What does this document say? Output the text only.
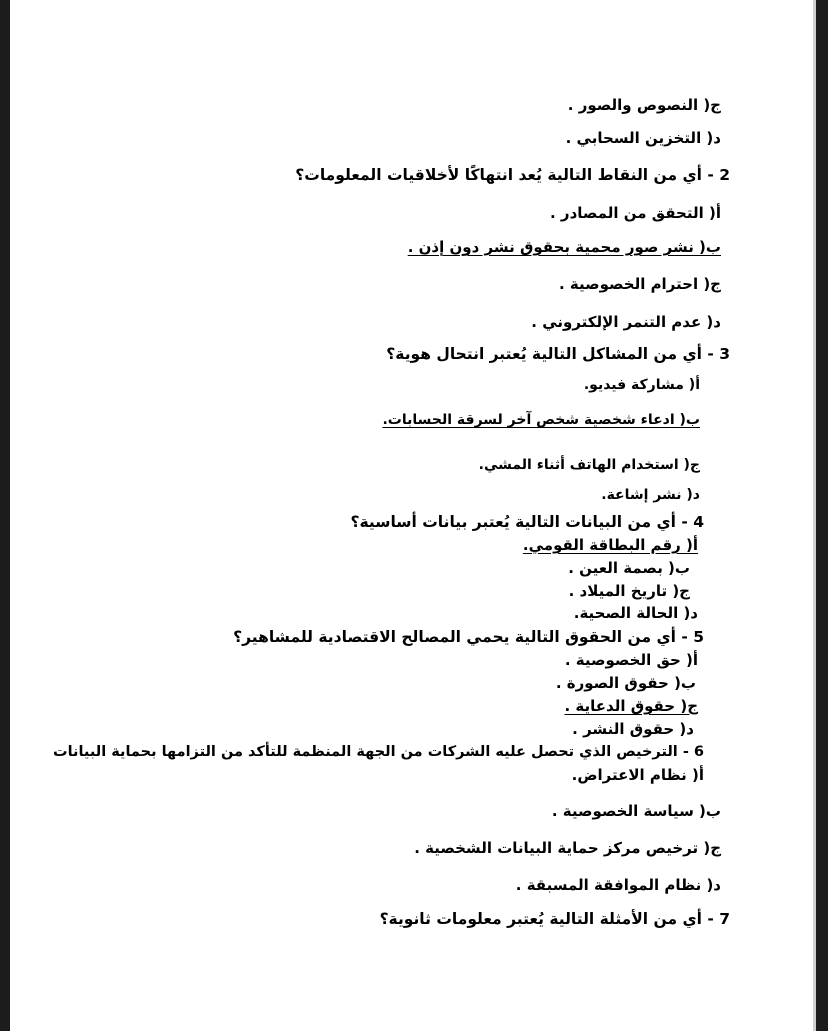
ج( النصوص والصور .
د( التخزين السحابي .
2 - أي من النقاط التالية يُعد انتهاكًا لأخلاقيات المعلومات؟
أ( التحقق من المصادر .
ب( نشر صور محمية بحقوق نشر دون إذن .
ج( احترام الخصوصية .
د( عدم التنمر الإلكتروني .
3 - أي من المشاكل التالية يُعتبر انتحال هوية؟
أ( مشاركة فيديو.
ب( ادعاء شخصية شخص آخر لسرقة الحسابات.
ج( استخدام الهاتف أثناء المشي.
د( نشر إشاعة.
4 - أي من البيانات التالية يُعتبر بيانات أساسية؟
أ( رقم البطاقة القومي.
ب( بصمة العين .
ج( تاريخ الميلاد .
د( الحالة الصحية.
5 - أي من الحقوق التالية يحمي المصالح الاقتصادية للمشاهير؟
أ( حق الخصوصية .
ب( حقوق الصورة .
ج( حقوق الدعاية .
د( حقوق النشر .
6 - الترخيص الذي تحصل عليه الشركات من الجهة المنظمة للتأكد من التزامها بحماية البيانات
أ( نظام الاعتراض.
ب( سياسة الخصوصية .
ج( ترخيص مركز حماية البيانات الشخصية .
د( نظام الموافقة المسبقة .
7 - أي من الأمثلة التالية يُعتبر معلومات ثانوية؟
